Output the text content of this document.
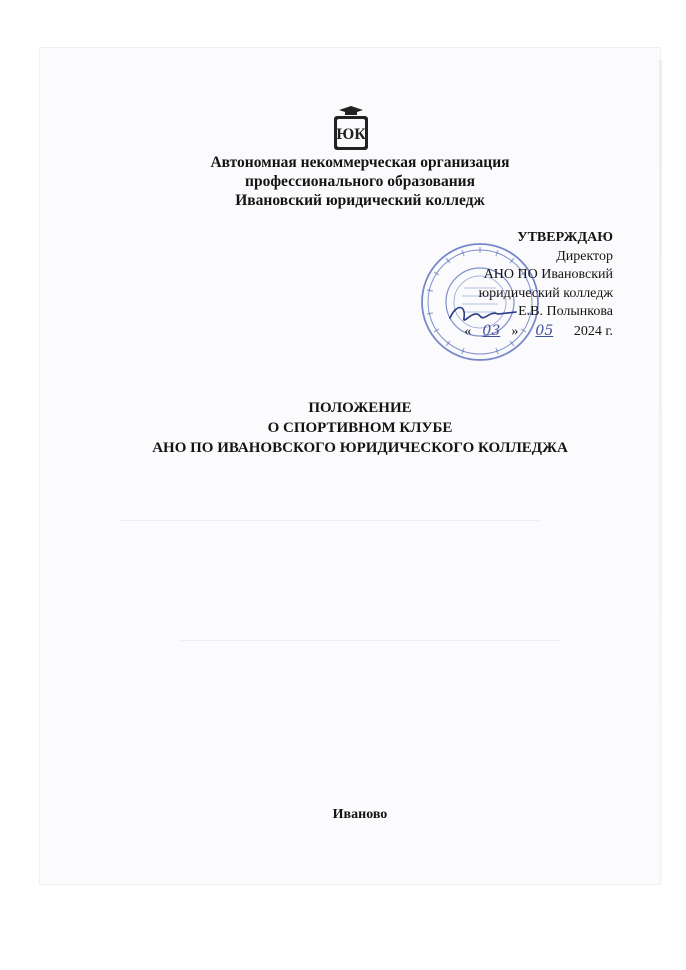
ЮК
Автономная некоммерческая организация
профессионального образования
Ивановский юридический колледж
УТВЕРЖДАЮ
Директор
АНО ПО Ивановский
юридический колледж
Е.В. Полынкова
« 03 » 05 2024 г.
ПОЛОЖЕНИЕ
О СПОРТИВНОМ КЛУБЕ
АНО ПО ИВАНОВСКОГО ЮРИДИЧЕСКОГО КОЛЛЕДЖА
Иваново
